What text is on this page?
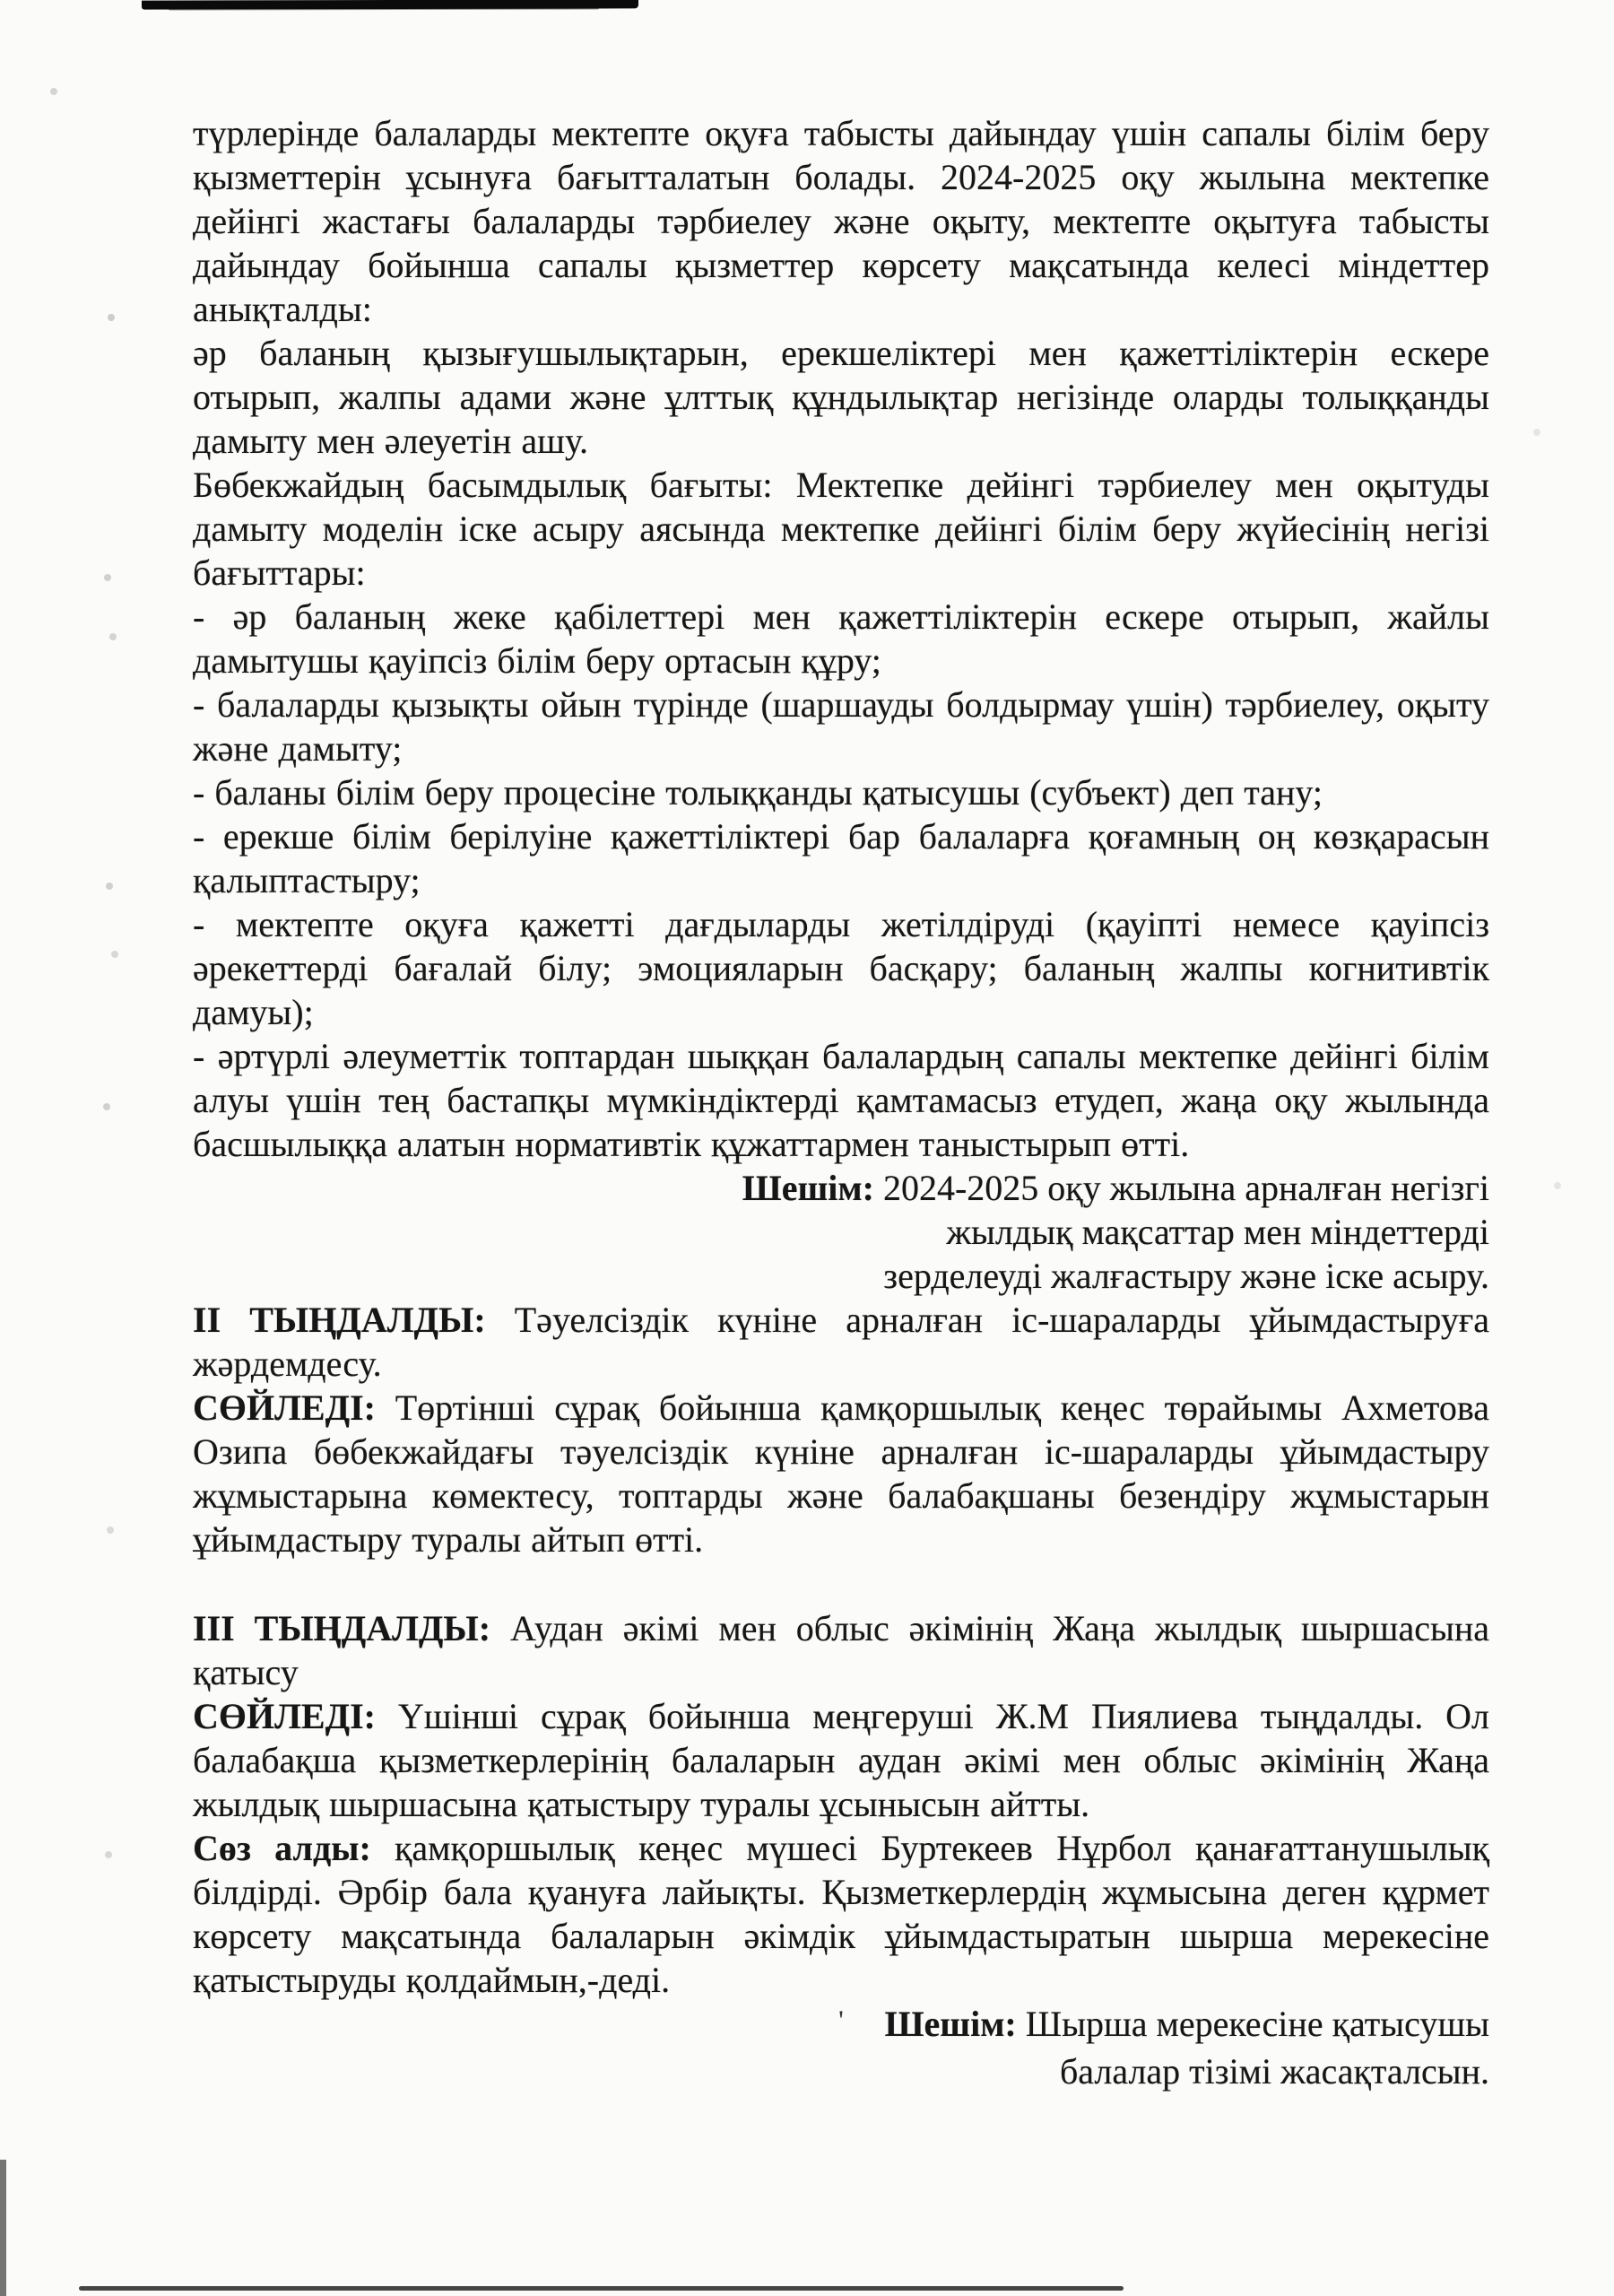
түрлерінде балаларды мектепте оқуға табысты дайындау үшін сапалы білім беру қызметтерін ұсынуға бағытталатын болады. 2024-2025 оқу жылына мектепке дейінгі жастағы балаларды тәрбиелеу және оқыту, мектепте оқытуға табысты дайындау бойынша сапалы қызметтер көрсету мақсатында келесі міндеттер анықталды:

әр баланың қызығушылықтарын, ерекшеліктері мен қажеттіліктерін ескере отырып, жалпы адами және ұлттық құндылықтар негізінде оларды толыққанды дамыту мен әлеуетін ашу.

Бөбекжайдың басымдылық бағыты: Мектепке дейінгі тәрбиелеу мен оқытуды дамыту моделін іске асыру аясында мектепке дейінгі білім беру жүйесінің негізі бағыттары:

- әр баланың жеке қабілеттері мен қажеттіліктерін ескере отырып, жайлы дамытушы қауіпсіз білім беру ортасын құру;

- балаларды қызықты ойын түрінде (шаршауды болдырмау үшін) тәрбиелеу, оқыту және дамыту;

- баланы білім беру процесіне толыққанды қатысушы (субъект) деп тану;

- ерекше білім берілуіне қажеттіліктері бар балаларға қоғамның оң көзқарасын қалыптастыру;

- мектепте оқуға қажетті дағдыларды жетілдіруді (қауіпті немесе қауіпсіз әрекеттерді бағалай білу; эмоцияларын басқару; баланың жалпы когнитивтік дамуы);

- әртүрлі әлеуметтік топтардан шыққан балалардың сапалы мектепке дейінгі білім алуы үшін тең бастапқы мүмкіндіктерді қамтамасыз етудеп, жаңа оқу жылында басшылыққа алатын нормативтік құжаттармен таныстырып өтті.

Шешім: 2024-2025 оқу жылына арналған негізгі
жылдық мақсаттар мен міндеттерді
зерделеуді жалғастыру және іске асыру.

ІІ ТЫҢДАЛДЫ: Тәуелсіздік күніне арналған іс-шараларды ұйымдастыруға жәрдемдесу.

СӨЙЛЕДІ: Төртінші сұрақ бойынша қамқоршылық кеңес төрайымы Ахметова Озипа бөбекжайдағы тәуелсіздік күніне арналған іс-шараларды ұйымдастыру жұмыстарына көмектесу, топтарды және балабақшаны безендіру жұмыстарын ұйымдастыру туралы айтып өтті.

ІІІ ТЫҢДАЛДЫ: Аудан әкімі мен облыс әкімінің Жаңа жылдық шыршасына қатысу

СӨЙЛЕДІ: Үшінші сұрақ бойынша меңгеруші Ж.М Пиялиева тыңдалды. Ол балабақша қызметкерлерінің балаларын аудан әкімі мен облыс әкімінің Жаңа жылдық шыршасына қатыстыру туралы ұсынысын айтты.

Сөз алды: қамқоршылық кеңес мүшесі Буртекеев Нұрбол қанағаттанушылық білдірді. Әрбір бала қуануға лайықты. Қызметкерлердің жұмысына деген құрмет көрсету мақсатында балаларын әкімдік ұйымдастыратын шырша мерекесіне қатыстыруды қолдаймын,-деді.

' Шешім: Шырша мерекесіне қатысушы
балалар тізімі жасақталсын.
